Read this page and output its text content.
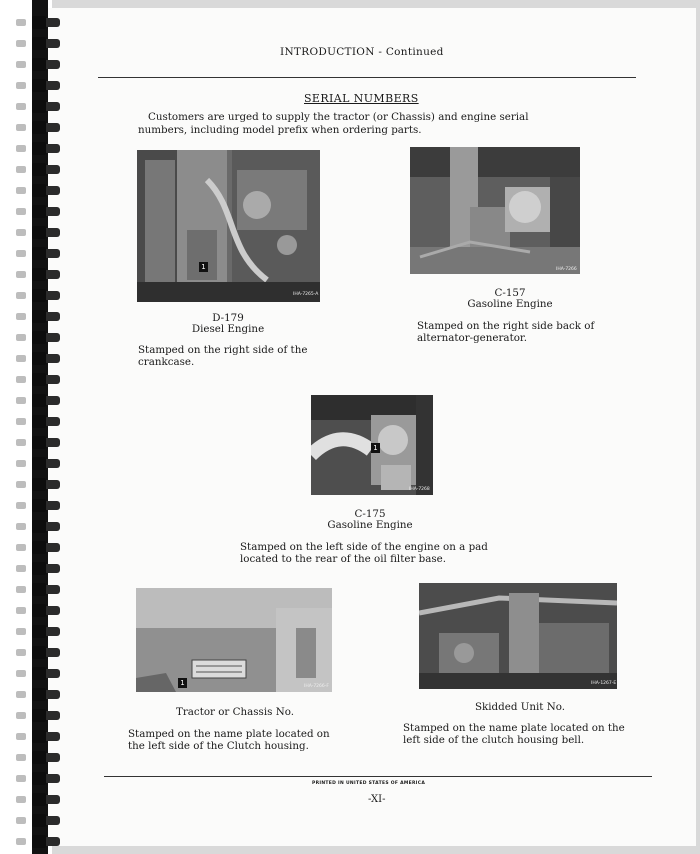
INTRODUCTION - Continued
SERIAL NUMBERS
Customers are urged to supply the tractor (or Chassis) and engine serial
numbers, including model prefix when ordering parts.
1
IHA-7265-A
D-179
Diesel Engine
Stamped on the right side of the
crankcase.
IHA-7266
C-157
Gasoline Engine
Stamped on the right side back of
alternator-generator.
1
IHA-7268
C-175
Gasoline Engine
Stamped on the left side of the engine on a pad
located to the rear of the oil filter base.
1	IHA-7266-F
Tractor or Chassis No.
Stamped on the name plate located on
the left side of the Clutch housing.
IHA-1267-E
Skidded Unit No.
Stamped on the name plate located on the
left side of the clutch housing bell.
PRINTED IN UNITED STATES OF AMERICA
-XI-
